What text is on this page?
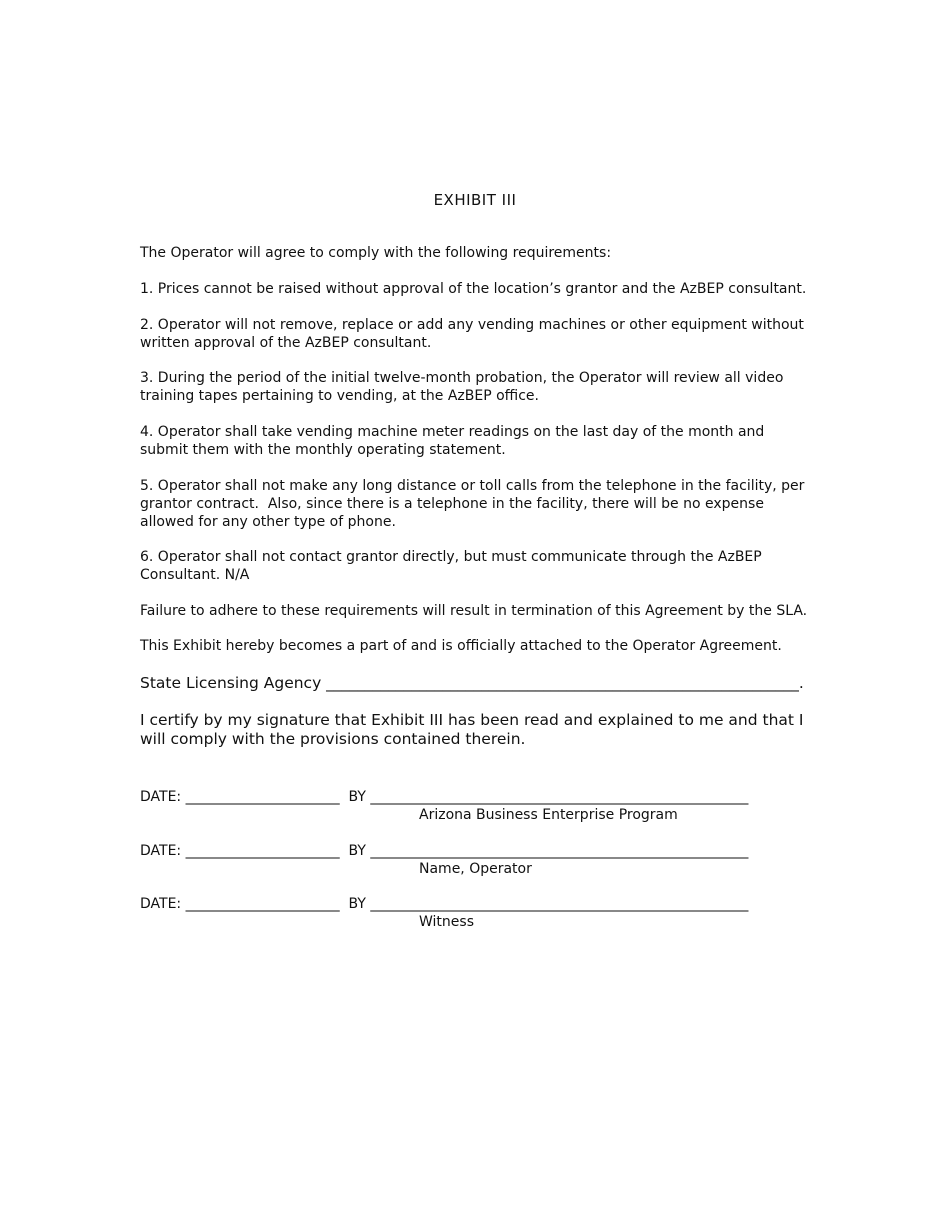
EXHIBIT III

The Operator will agree to comply with the following requirements:

1. Prices cannot be raised without approval of the location’s grantor and the AzBEP consultant.

2. Operator will not remove, replace or add any vending machines or other equipment without written approval of the AzBEP consultant.

3. During the period of the initial twelve-month probation, the Operator will review all video training tapes pertaining to vending, at the AzBEP office.

4. Operator shall take vending machine meter readings on the last day of the month and submit them with the monthly operating statement.

5. Operator shall not make any long distance or toll calls from the telephone in the facility, per grantor contract.  Also, since there is a telephone in the facility, there will be no expense allowed for any other type of phone.

6. Operator shall not contact grantor directly, but must communicate through the AzBEP Consultant. N/A

Failure to adhere to these requirements will result in termination of this Agreement by the SLA.

This Exhibit hereby becomes a part of and is officially attached to the Operator Agreement.

State Licensing Agency _____________________________________________________________.

I certify by my signature that Exhibit III has been read and explained to me and that I will comply with the provisions contained therein.

DATE: ______________________  BY ______________________________________________________
Arizona Business Enterprise Program
DATE: ______________________  BY ______________________________________________________
Name, Operator
DATE: ______________________  BY ______________________________________________________
Witness
